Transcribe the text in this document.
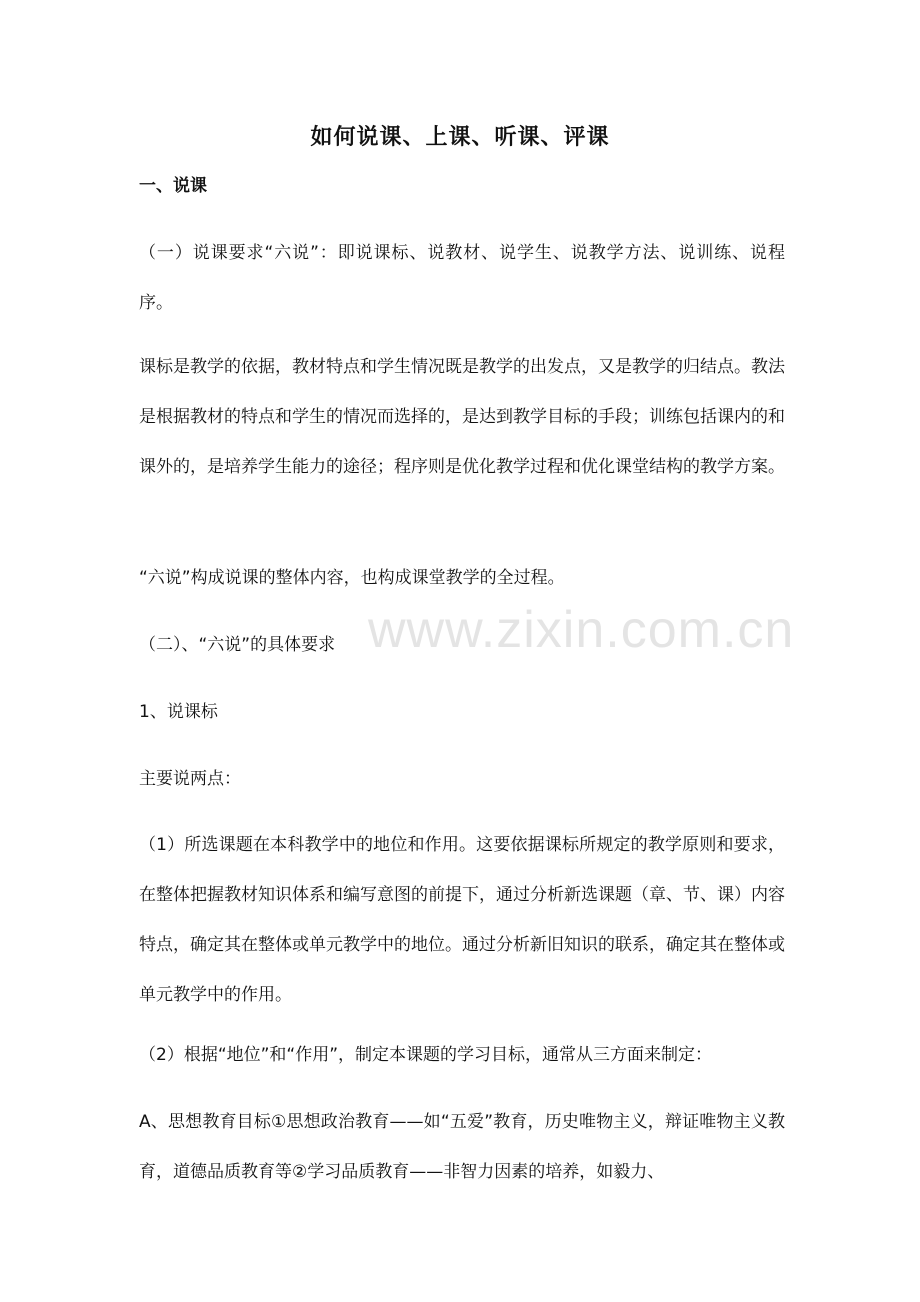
www.zixin.com.cn
如何说课、上课、听课、评课
一、说课
（一）说课要求“六说”：即说课标、说教材、说学生、说教学方法、说训练、说程序。
课标是教学的依据，教材特点和学生情况既是教学的出发点，又是教学的归结点。教法是根据教材的特点和学生的情况而选择的，是达到教学目标的手段；训练包括课内的和课外的，是培养学生能力的途径；程序则是优化教学过程和优化课堂结构的教学方案。
“六说”构成说课的整体内容，也构成课堂教学的全过程。
（二）、“六说”的具体要求
1、说课标
主要说两点：
（1）所选课题在本科教学中的地位和作用。这要依据课标所规定的教学原则和要求，在整体把握教材知识体系和编写意图的前提下，通过分析新选课题（章、节、课）内容特点，确定其在整体或单元教学中的地位。通过分析新旧知识的联系，确定其在整体或单元教学中的作用。
（2）根据“地位”和“作用”，制定本课题的学习目标，通常从三方面来制定：
A、思想教育目标①思想政治教育——如“五爱”教育，历史唯物主义，辩证唯物主义教育，道德品质教育等②学习品质教育——非智力因素的培养，如毅力、
